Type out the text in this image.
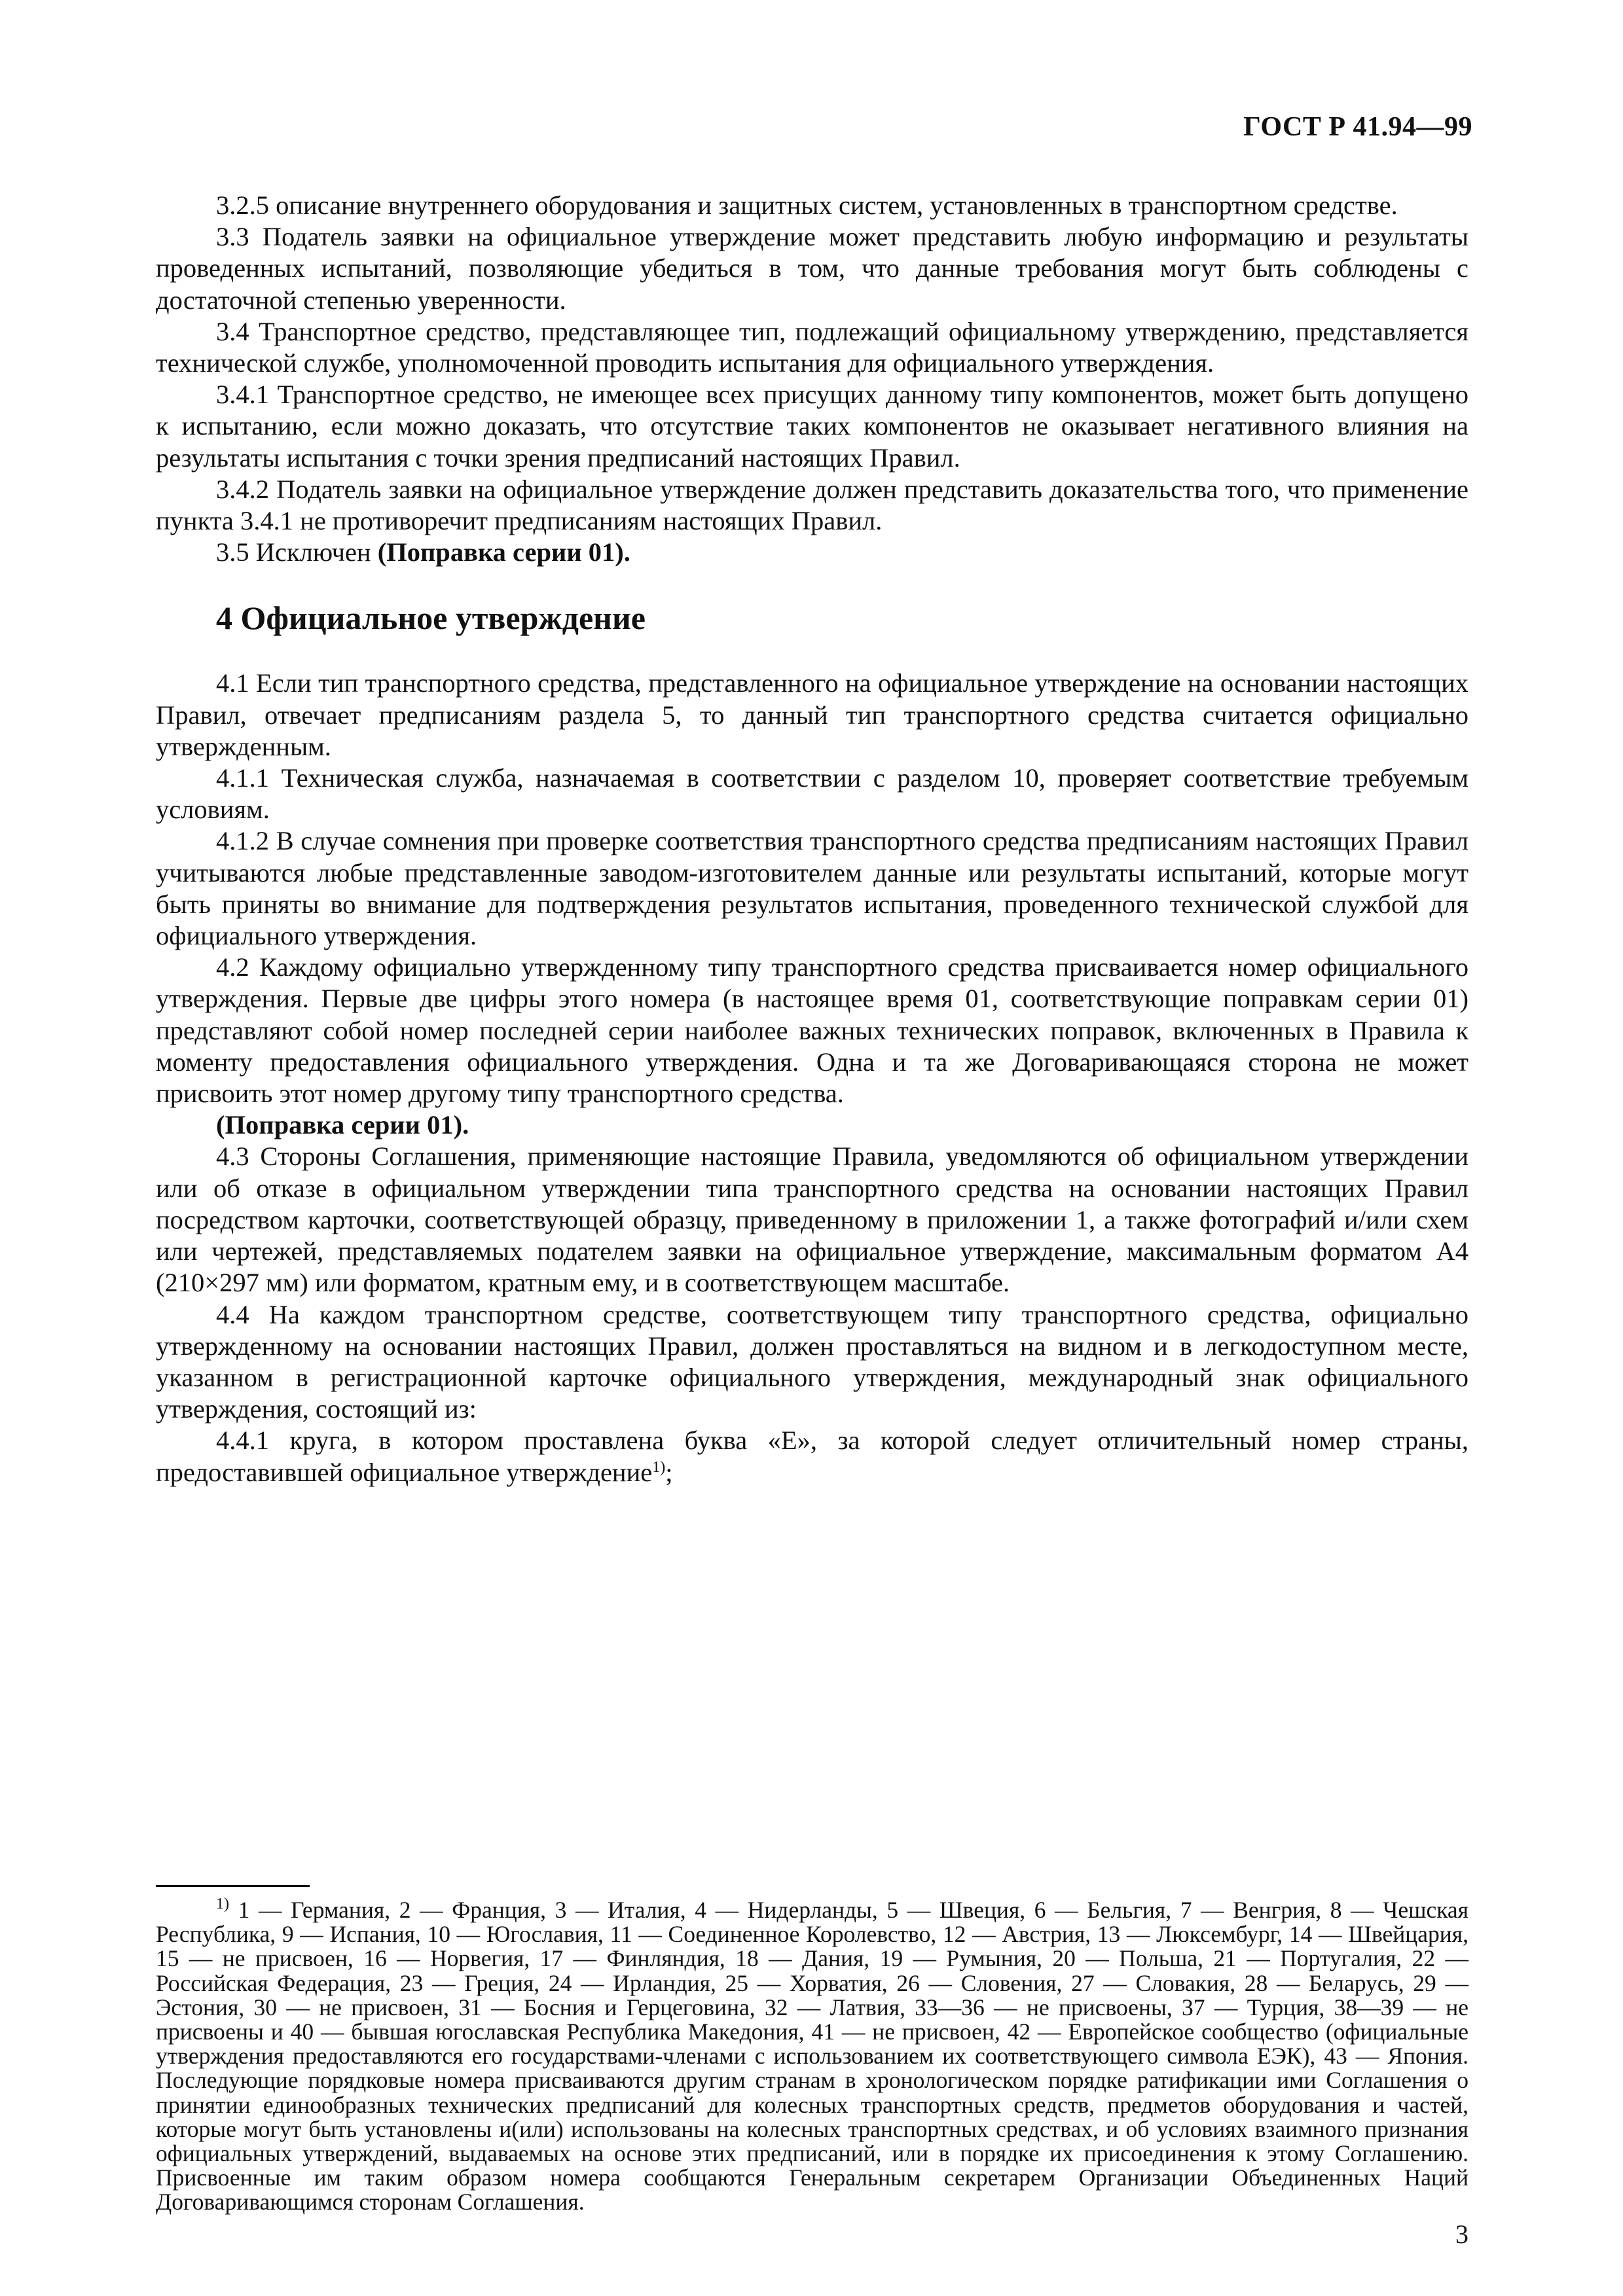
ГОСТ Р 41.94—99

3.2.5 описание внутреннего оборудования и защитных систем, установленных в транспортном средстве.

3.3 Податель заявки на официальное утверждение может представить любую информацию и результаты проведенных испытаний, позволяющие убедиться в том, что данные требования могут быть соблюдены с достаточной степенью уверенности.

3.4 Транспортное средство, представляющее тип, подлежащий официальному утверждению, представляется технической службе, уполномоченной проводить испытания для официального утверждения.

3.4.1 Транспортное средство, не имеющее всех присущих данному типу компонентов, может быть допущено к испытанию, если можно доказать, что отсутствие таких компонентов не оказывает негативного влияния на результаты испытания с точки зрения предписаний настоящих Правил.

3.4.2 Податель заявки на официальное утверждение должен представить доказательства того, что применение пункта 3.4.1 не противоречит предписаниям настоящих Правил.

3.5 Исключен (Поправка серии 01).

4 Официальное утверждение

4.1 Если тип транспортного средства, представленного на официальное утверждение на основании настоящих Правил, отвечает предписаниям раздела 5, то данный тип транспортного средства считается официально утвержденным.

4.1.1 Техническая служба, назначаемая в соответствии с разделом 10, проверяет соответствие требуемым условиям.

4.1.2 В случае сомнения при проверке соответствия транспортного средства предписаниям настоящих Правил учитываются любые представленные заводом-изготовителем данные или результаты испытаний, которые могут быть приняты во внимание для подтверждения результатов испытания, проведенного технической службой для официального утверждения.

4.2 Каждому официально утвержденному типу транспортного средства присваивается номер официального утверждения. Первые две цифры этого номера (в настоящее время 01, соответствующие поправкам серии 01) представляют собой номер последней серии наиболее важных технических поправок, включенных в Правила к моменту предоставления официального утверждения. Одна и та же Договаривающаяся сторона не может присвоить этот номер другому типу транспортного средства.

(Поправка серии 01).

4.3 Стороны Соглашения, применяющие настоящие Правила, уведомляются об официальном утверждении или об отказе в официальном утверждении типа транспортного средства на основании настоящих Правил посредством карточки, соответствующей образцу, приведенному в приложении 1, а также фотографий и/или схем или чертежей, представляемых подателем заявки на официальное утверждение, максимальным форматом А4 (210×297 мм) или форматом, кратным ему, и в соответствующем масштабе.

4.4 На каждом транспортном средстве, соответствующем типу транспортного средства, официально утвержденному на основании настоящих Правил, должен проставляться на видном и в легкодоступном месте, указанном в регистрационной карточке официального утверждения, международный знак официального утверждения, состоящий из:

4.4.1 круга, в котором проставлена буква «Е», за которой следует отличительный номер страны, предоставившей официальное утверждение$^{1)}$;

$^{1)}$ 1 — Германия, 2 — Франция, 3 — Италия, 4 — Нидерланды, 5 — Швеция, 6 — Бельгия, 7 — Венгрия, 8 — Чешская Республика, 9 — Испания, 10 — Югославия, 11 — Соединенное Королевство, 12 — Австрия, 13 — Люксембург, 14 — Швейцария, 15 — не присвоен, 16 — Норвегия, 17 — Финляндия, 18 — Дания, 19 — Румыния, 20 — Польша, 21 — Португалия, 22 — Российская Федерация, 23 — Греция, 24 — Ирландия, 25 — Хорватия, 26 — Словения, 27 — Словакия, 28 — Беларусь, 29 — Эстония, 30 — не присвоен, 31 — Босния и Герцеговина, 32 — Латвия, 33—36 — не присвоены, 37 — Турция, 38—39 — не присвоены и 40 — бывшая югославская Республика Македония, 41 — не присвоен, 42 — Европейское сообщество (официальные утверждения предоставляются его государствами-членами с использованием их соответствующего символа ЕЭК), 43 — Япония. Последующие порядковые номера присваиваются другим странам в хронологическом порядке ратификации ими Соглашения о принятии единообразных технических предписаний для колесных транспортных средств, предметов оборудования и частей, которые могут быть установлены и(или) использованы на колесных транспортных средствах, и об условиях взаимного признания официальных утверждений, выдаваемых на основе этих предписаний, или в порядке их присоединения к этому Соглашению. Присвоенные им таким образом номера сообщаются Генеральным секретарем Организации Объединенных Наций Договаривающимся сторонам Соглашения.

3
